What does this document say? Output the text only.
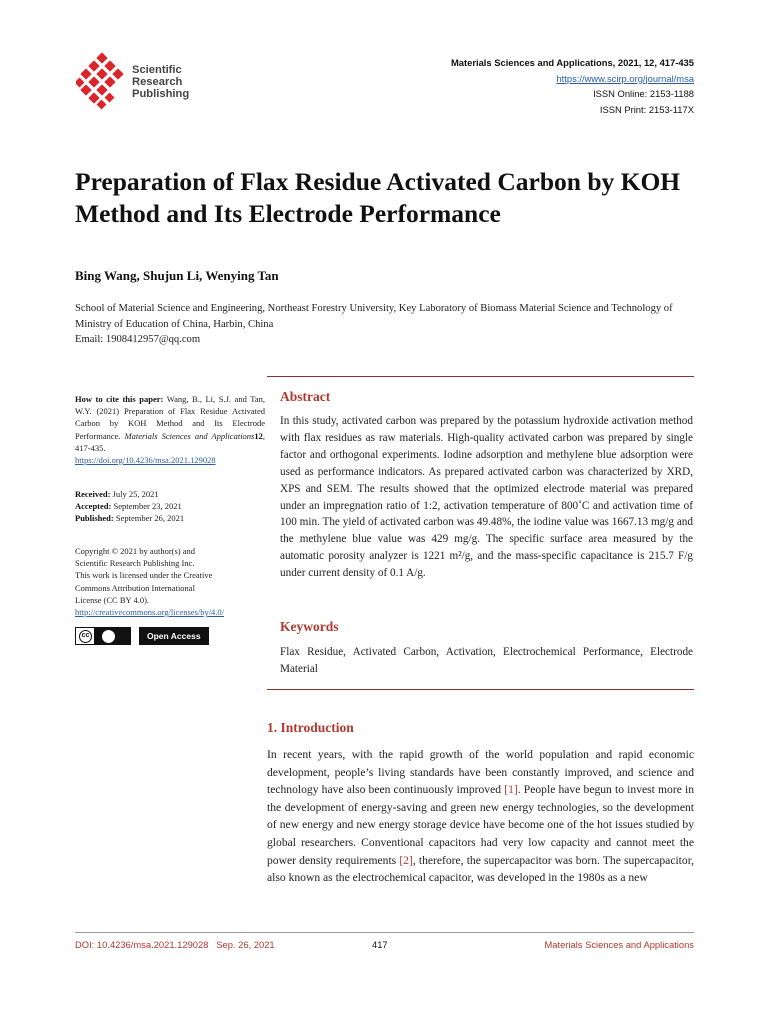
Scientific
Research
Publishing
Materials Sciences and Applications, 2021, 12, 417-435
https://www.scirp.org/journal/msa
ISSN Online: 2153-1188
ISSN Print: 2153-117X
Preparation of Flax Residue Activated Carbon by KOH Method and Its Electrode Performance
Bing Wang, Shujun Li, Wenying Tan
School of Material Science and Engineering, Northeast Forestry University, Key Laboratory of Biomass Material Science and Technology of Ministry of Education of China, Harbin, China
Email: 1908412957@qq.com
How to cite this paper: Wang, B., Li, S.J. and Tan, W.Y. (2021) Preparation of Flax Residue Activated Carbon by KOH Method and Its Electrode Performance. Materials Sciences and Applications12, 417-435.
https://doi.org/10.4236/msa.2021.129028
Received: July 25, 2021
Accepted: September 23, 2021
Published: September 26, 2021
Copyright © 2021 by author(s) and
Scientific Research Publishing Inc.
This work is licensed under the Creative
Commons Attribution International
License (CC BY 4.0).
http://creativecommons.org/licenses/by/4.0/
cc	Open Access
Abstract

In this study, activated carbon was prepared by the potassium hydroxide activation method with flax residues as raw materials. High-quality activated carbon was prepared by single factor and orthogonal experiments. Iodine adsorption and methylene blue adsorption were used as performance indicators. As prepared activated carbon was characterized by XRD, XPS and SEM. The results showed that the optimized electrode material was prepared under an impregnation ratio of 1:2, activation temperature of 800˚C and activation time of 100 min. The yield of activated carbon was 49.48%, the iodine value was 1667.13 mg/g and the methylene blue value was 429 mg/g. The specific surface area measured by the automatic porosity analyzer is 1221 m²/g, and the mass-specific capacitance is 215.7 F/g under current density of 0.1 A/g.

Keywords

Flax Residue, Activated Carbon, Activation, Electrochemical Performance, Electrode Material

1. Introduction

In recent years, with the rapid growth of the world population and rapid economic development, people’s living standards have been constantly improved, and science and technology have also been continuously improved [1]. People have begun to invest more in the development of energy-saving and green new energy technologies, so the development of new energy and new energy storage device have become one of the hot issues studied by global researchers. Conventional capacitors had very low capacity and cannot meet the power density requirements [2], therefore, the supercapacitor was born. The supercapacitor, also known as the electrochemical capacitor, was developed in the 1980s as a new

DOI: 10.4236/msa.2021.129028   Sep. 26, 2021	417	Materials Sciences and Applications
